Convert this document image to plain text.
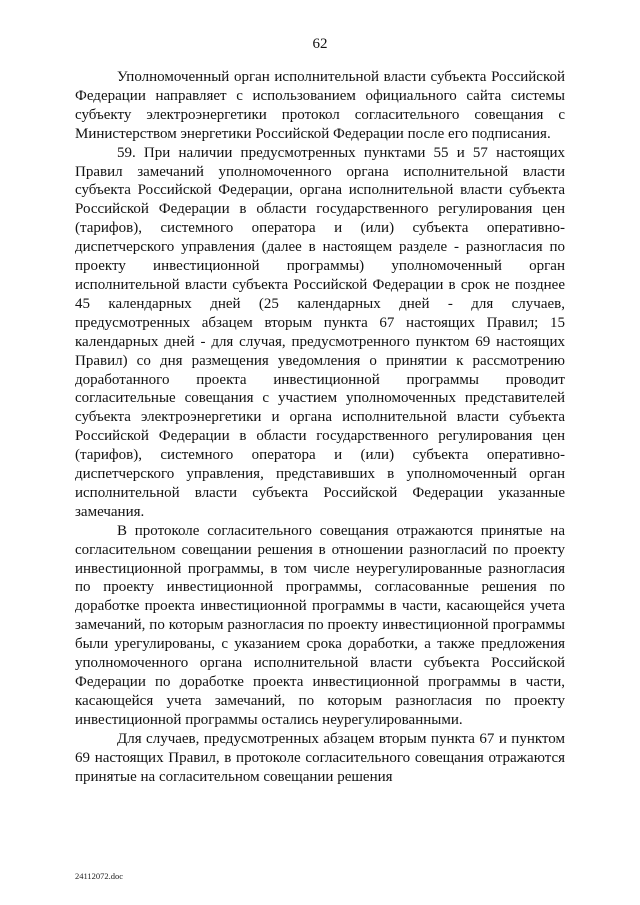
62

Уполномоченный орган исполнительной власти субъекта Российской Федерации направляет с использованием официального сайта системы субъекту электроэнергетики протокол согласительного совещания с Министерством энергетики Российской Федерации после его подписания.

59. При наличии предусмотренных пунктами 55 и 57 настоящих Правил замечаний уполномоченного органа исполнительной власти субъекта Российской Федерации, органа исполнительной власти субъекта Российской Федерации в области государственного регулирования цен (тарифов), системного оператора и (или) субъекта оперативно-диспетчерского управления (далее в настоящем разделе - разногласия по проекту инвестиционной программы) уполномоченный орган исполнительной власти субъекта Российской Федерации в срок не позднее 45 календарных дней (25 календарных дней - для случаев, предусмотренных абзацем вторым пункта 67 настоящих Правил; 15 календарных дней - для случая, предусмотренного пунктом 69 настоящих Правил) со дня размещения уведомления о принятии к рассмотрению доработанного проекта инвестиционной программы проводит согласительные совещания с участием уполномоченных представителей субъекта электроэнергетики и органа исполнительной власти субъекта Российской Федерации в области государственного регулирования цен (тарифов), системного оператора и (или) субъекта оперативно-диспетчерского управления, представивших в уполномоченный орган исполнительной власти субъекта Российской Федерации указанные замечания.

В протоколе согласительного совещания отражаются принятые на согласительном совещании решения в отношении разногласий по проекту инвестиционной программы, в том числе неурегулированные разногласия по проекту инвестиционной программы, согласованные решения по доработке проекта инвестиционной программы в части, касающейся учета замечаний, по которым разногласия по проекту инвестиционной программы были урегулированы, с указанием срока доработки, а также предложения уполномоченного органа исполнительной власти субъекта Российской Федерации по доработке проекта инвестиционной программы в части, касающейся учета замечаний, по которым разногласия по проекту инвестиционной программы остались неурегулированными.

Для случаев, предусмотренных абзацем вторым пункта 67 и пунктом 69 настоящих Правил, в протоколе согласительного совещания отражаются принятые на согласительном совещании решения

24112072.doc
